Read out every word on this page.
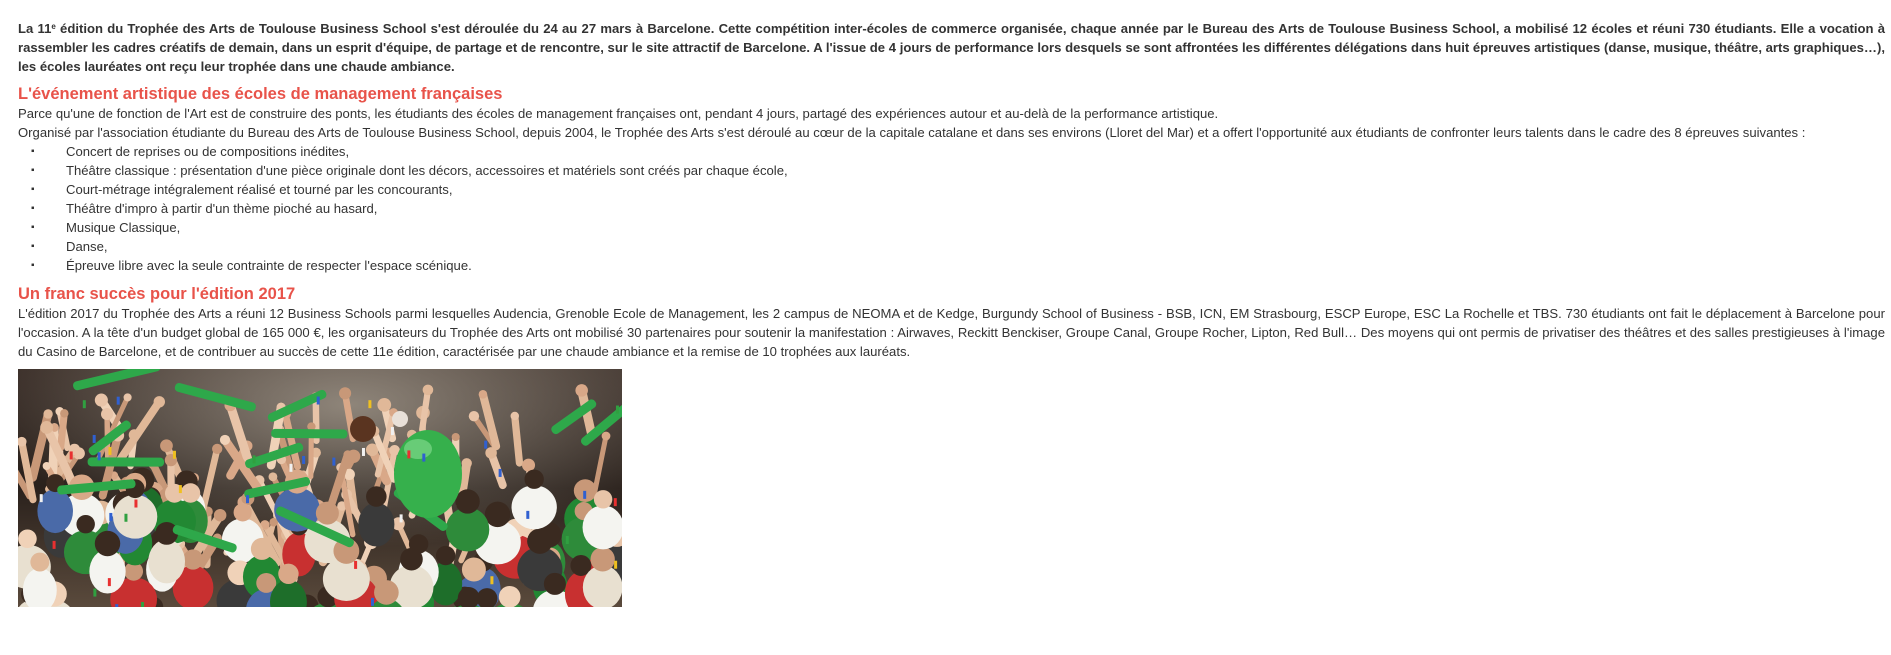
La 11e édition du Trophée des Arts de Toulouse Business School s'est déroulée du 24 au 27 mars à Barcelone. Cette compétition inter-écoles de commerce organisée, chaque année par le Bureau des Arts de Toulouse Business School, a mobilisé 12 écoles et réuni 730 étudiants. Elle a vocation à rassembler les cadres créatifs de demain, dans un esprit d'équipe, de partage et de rencontre, sur le site attractif de Barcelone. A l'issue de 4 jours de performance lors desquels se sont affrontées les différentes délégations dans huit épreuves artistiques (danse, musique, théâtre, arts graphiques…), les écoles lauréates ont reçu leur trophée dans une chaude ambiance.

L'événement artistique des écoles de management françaises

Parce qu'une de fonction de l'Art est de construire des ponts, les étudiants des écoles de management françaises ont, pendant 4 jours, partagé des expériences autour et au-delà de la performance artistique.

Organisé par l'association étudiante du Bureau des Arts de Toulouse Business School, depuis 2004, le Trophée des Arts s'est déroulé au cœur de la capitale catalane et dans ses environs (Lloret del Mar) et a offert l'opportunité aux étudiants de confronter leurs talents dans le cadre des 8 épreuves suivantes :

▪ Concert de reprises ou de compositions inédites,
▪ Théâtre classique : présentation d'une pièce originale dont les décors, accessoires et matériels sont créés par chaque école,
▪ Court-métrage intégralement réalisé et tourné par les concourants,
▪ Théâtre d'impro à partir d'un thème pioché au hasard,
▪ Musique Classique,
▪ Danse,
▪ Épreuve libre avec la seule contrainte de respecter l'espace scénique.
Un franc succès pour l'édition 2017

L'édition 2017 du Trophée des Arts a réuni 12 Business Schools parmi lesquelles Audencia, Grenoble Ecole de Management, les 2 campus de NEOMA et de Kedge, Burgundy School of Business - BSB, ICN, EM Strasbourg, ESCP Europe, ESC La Rochelle et TBS. 730 étudiants ont fait le déplacement à Barcelone pour l'occasion. A la tête d'un budget global de 165 000 €, les organisateurs du Trophée des Arts ont mobilisé 30 partenaires pour soutenir la manifestation : Airwaves, Reckitt Benckiser, Groupe Canal, Groupe Rocher, Lipton, Red Bull… Des moyens qui ont permis de privatiser des théâtres et des salles prestigieuses à l'image du Casino de Barcelone, et de contribuer au succès de cette 11e édition, caractérisée par une chaude ambiance et la remise de 10 trophées aux lauréats.
